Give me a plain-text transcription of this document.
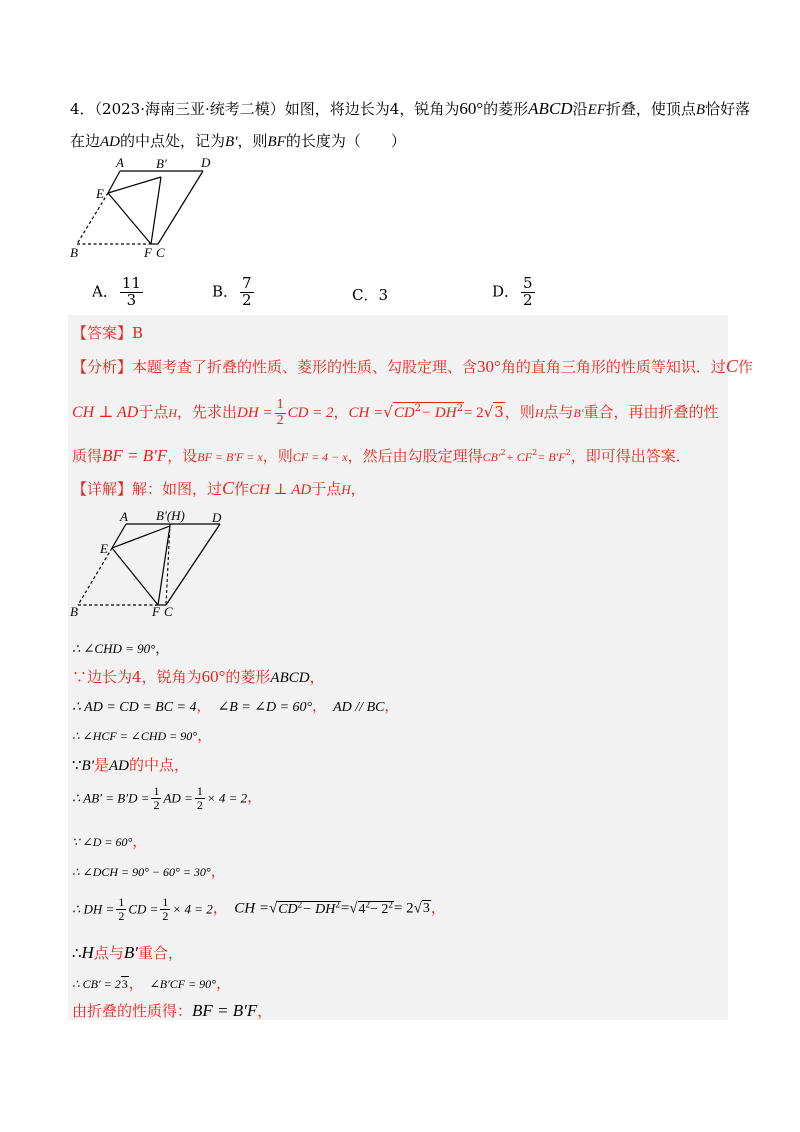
4．（2023·海南三亚·统考二模）如图，将边长为4，锐角为60°的菱形ABCD沿EF折叠，使顶点B恰好落
在边AD的中点处，记为B′，则BF的长度为（　　）
A B′	D
E
B	F C
A． $\frac{11}{3}$	B． $\frac{7}{2}$	C．3	D． $\frac{5}{2}$
【答案】B
【分析】本题考查了折叠的性质、菱形的性质、勾股定理、含30°角的直角三角形的性质等知识．过C作
CH ⊥ AD于点H，先求出DH = $\frac{1}{2}$ CD = 2，CH $=√CD^2- DH^2= 2√3$，则H点与B′重合，再由折叠的性
质得BF = B′F，设BF = B′F = x，则CF = 4 − x，然后由勾股定理得$CB'^2+ CF^2= B'F^2$，即可得出答案．
【详解】解：如图，过C作CH ⊥ AD于点H，
A B′(H) D
E
B	F C
∴ ∠CHD = 90°，
∵边长为4，锐角为60°的菱形ABCD，
∴ AD = CD = BC = 4， ∠B = ∠D = 60°， AD // BC，
∴ ∠HCF = ∠CHD = 90°，
∵B′是AD的中点，
∴ $AB' = B'D = \frac{1}{2}$ AD = $\frac{1}{2} \times 4 = 2$，
∵ ∠D = 60°，
∴ ∠DCH = 90° − 60° = 30°，
∴ DH = $\frac{1}{2}$ CD = $\frac{1}{2} \times 4 = 2$， CH $=√CD^2- DH^2=√4^2- 2^2= 2√3$，
∴H点与B′重合，
∴ CB′ = 23， ∠B′CF = 90°，
由折叠的性质得：BF = B′F，
